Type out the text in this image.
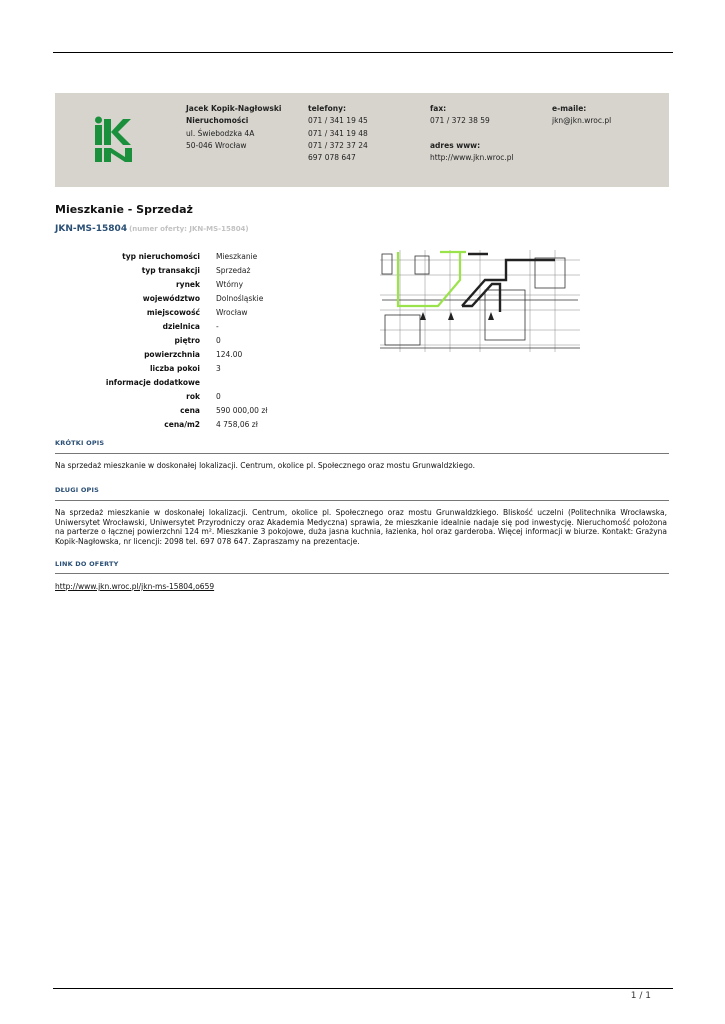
Jacek Kopik-Nagłowski
Nieruchomości
ul. Świebodzka 4A
50-046 Wrocław
telefony:
071 / 341 19 45
071 / 341 19 48
071 / 372 37 24
697 078 647
fax:
071 / 372 38 59

adres www:
http://www.jkn.wroc.pl
e-maile:
jkn@jkn.wroc.pl
Mieszkanie - Sprzedaż
JKN-MS-15804 (numer oferty: JKN-MS-15804)
typ nieruchomości Mieszkanie
typ transakcji Sprzedaż
rynek Wtórny
województwo Dolnośląskie
miejscowość Wrocław
dzielnica -
piętro 0
powierzchnia 124.00
liczba pokoi 3
informacje dodatkowe
rok 0
cena 590 000,00 zł
cena/m2 4 758,06 zł
KRÓTKI OPIS
Na sprzedaż mieszkanie w doskonałej lokalizacji. Centrum, okolice pl. Społecznego oraz mostu Grunwaldzkiego.
DŁUGI OPIS
Na sprzedaż mieszkanie w doskonałej lokalizacji. Centrum, okolice pl. Społecznego oraz mostu Grunwaldzkiego. Bliskość uczelni (Politechnika Wrocławska, Uniwersytet Wrocławski, Uniwersytet Przyrodniczy oraz Akademia Medyczna) sprawia, że mieszkanie idealnie nadaje się pod inwestycję. Nieruchomość położona na parterze o łącznej powierzchni 124 m². Mieszkanie 3 pokojowe, duża jasna kuchnia, łazienka, hol oraz garderoba. Więcej informacji w biurze. Kontakt: Grażyna Kopik-Nagłowska, nr licencji: 2098 tel. 697 078 647. Zapraszamy na prezentacje.
LINK DO OFERTY
http://www.jkn.wroc.pl/jkn-ms-15804,o659
1 / 1
